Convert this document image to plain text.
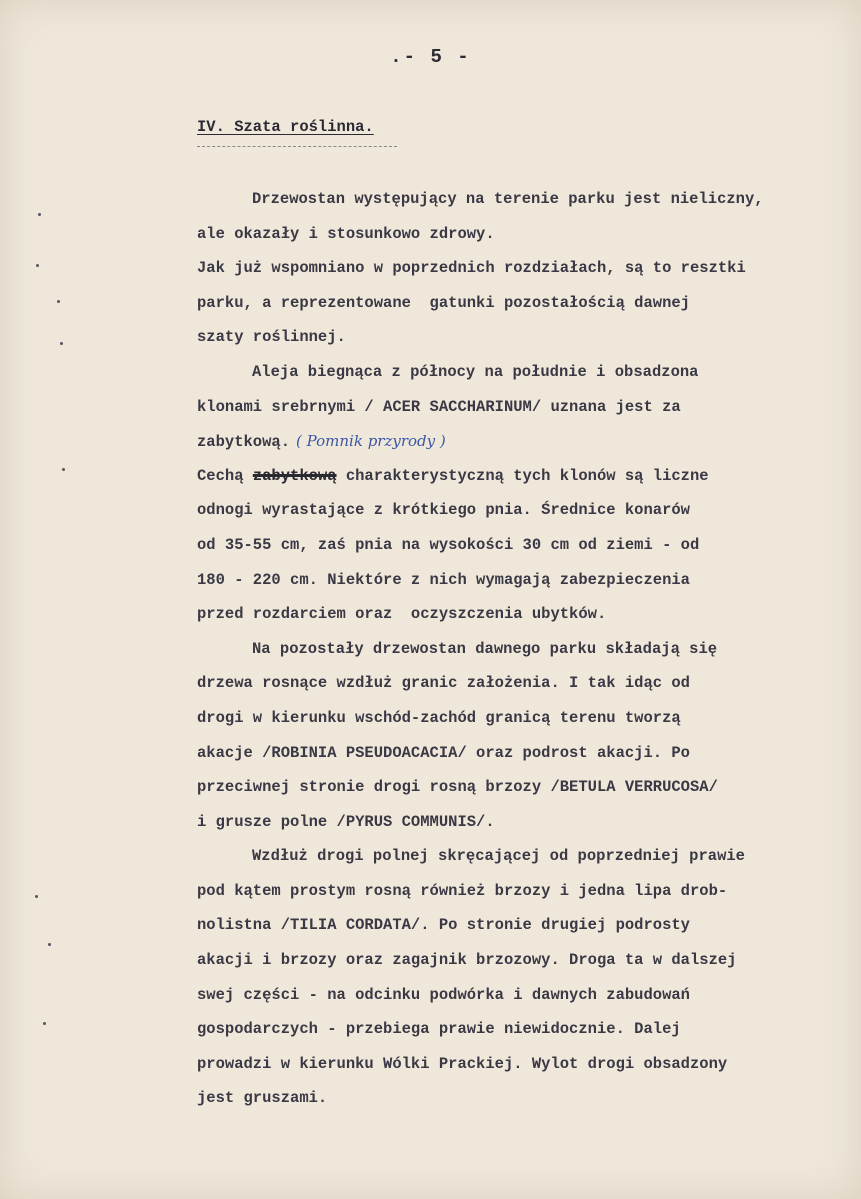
.- 5 -
IV. Szata roślinna.
Drzewostan występujący na terenie parku jest nieliczny,
ale okazały i stosunkowo zdrowy.
Jak już wspomniano w poprzednich rozdziałach, są to resztki
parku, a reprezentowane  gatunki pozostałością dawnej
szaty roślinnej.
Aleja biegnąca z północy na południe i obsadzona
klonami srebrnymi / ACER SACCHARINUM/ uznana jest za
zabytkową. ( Pomnik przyrody )
Cechą zabytkową charakterystyczną tych klonów są liczne
odnogi wyrastające z krótkiego pnia. Średnice konarów
od 35-55 cm, zaś pnia na wysokości 30 cm od ziemi - od
180 - 220 cm. Niektóre z nich wymagają zabezpieczenia
przed rozdarciem oraz  oczyszczenia ubytków.
Na pozostały drzewostan dawnego parku składają się
drzewa rosnące wzdłuż granic założenia. I tak idąc od
drogi w kierunku wschód-zachód granicą terenu tworzą
akacje /ROBINIA PSEUDOACACIA/ oraz podrost akacji. Po
przeciwnej stronie drogi rosną brzozy /BETULA VERRUCOSA/
i grusze polne /PYRUS COMMUNIS/.
Wzdłuż drogi polnej skręcającej od poprzedniej prawie
pod kątem prostym rosną również brzozy i jedna lipa drob-
nolistna /TILIA CORDATA/. Po stronie drugiej podrosty
akacji i brzozy oraz zagajnik brzozowy. Droga ta w dalszej
swej części - na odcinku podwórka i dawnych zabudowań
gospodarczych - przebiega prawie niewidocznie. Dalej
prowadzi w kierunku Wólki Prackiej. Wylot drogi obsadzony
jest gruszami.
